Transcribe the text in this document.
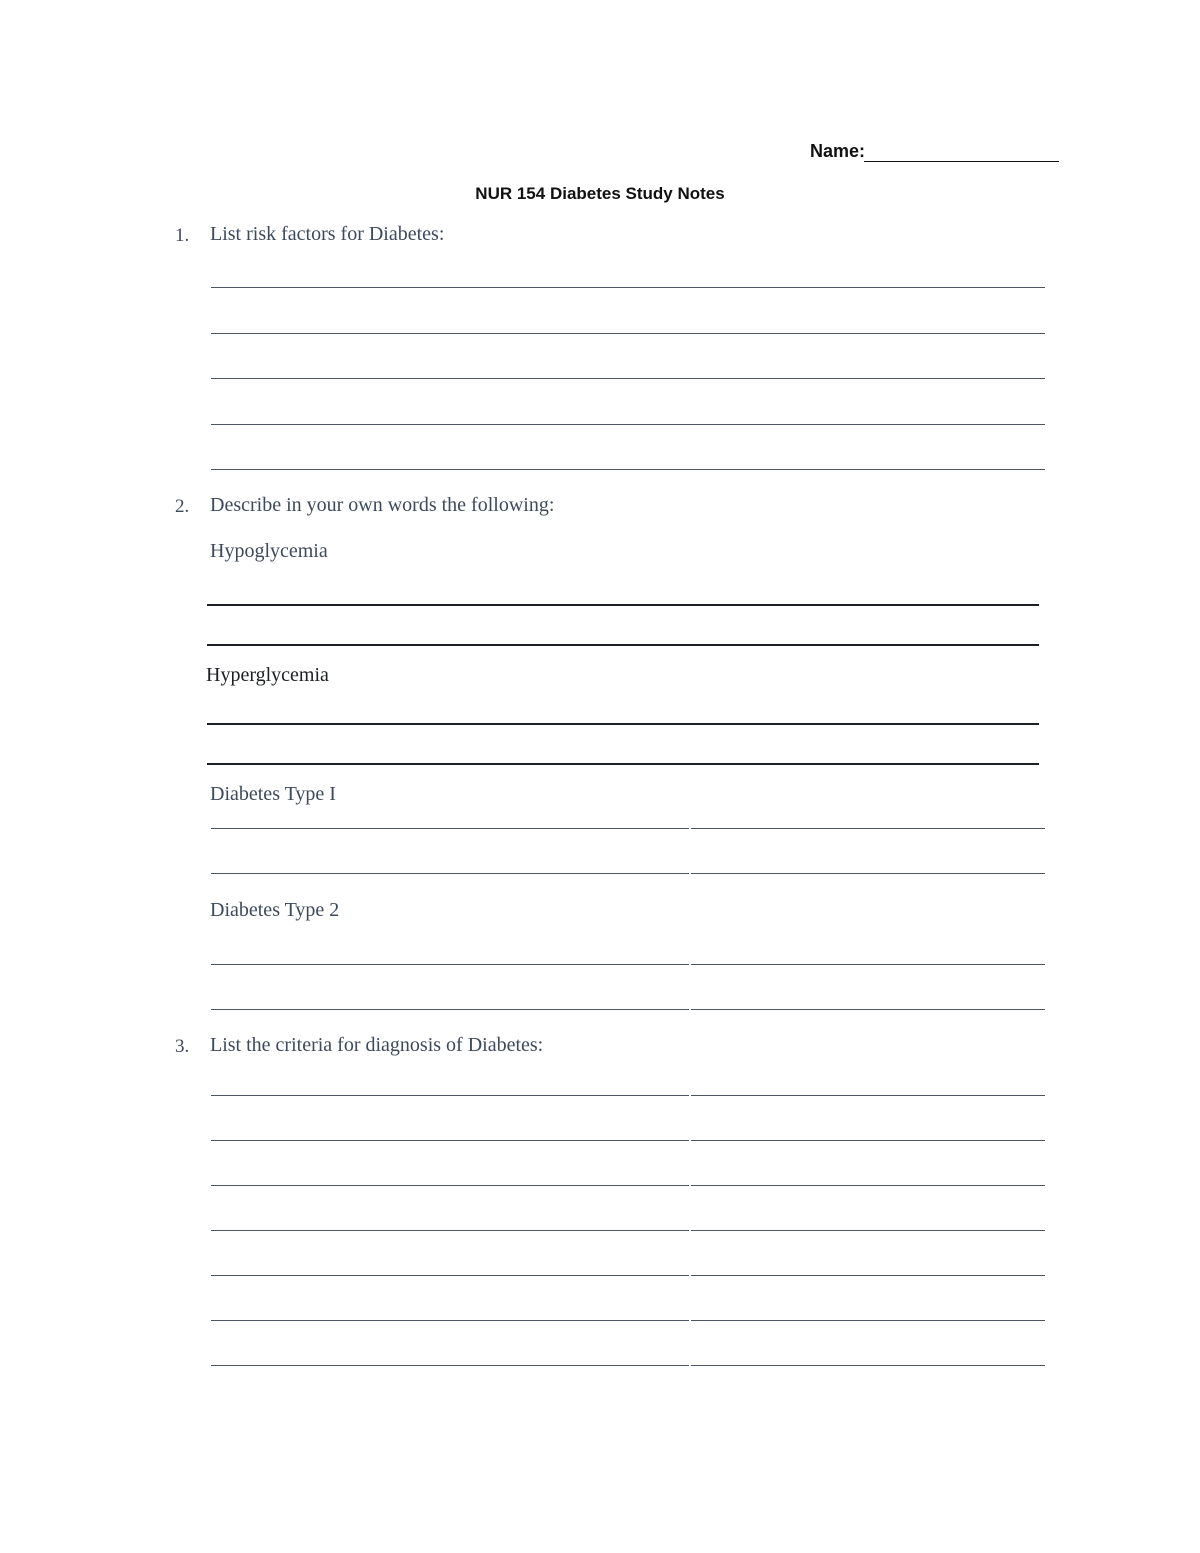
Name:
NUR 154 Diabetes Study Notes
1. List risk factors for Diabetes:
2. Describe in your own words the following:
Hypoglycemia
Hyperglycemia
Diabetes Type I
Diabetes Type 2
3. List the criteria for diagnosis of Diabetes:
